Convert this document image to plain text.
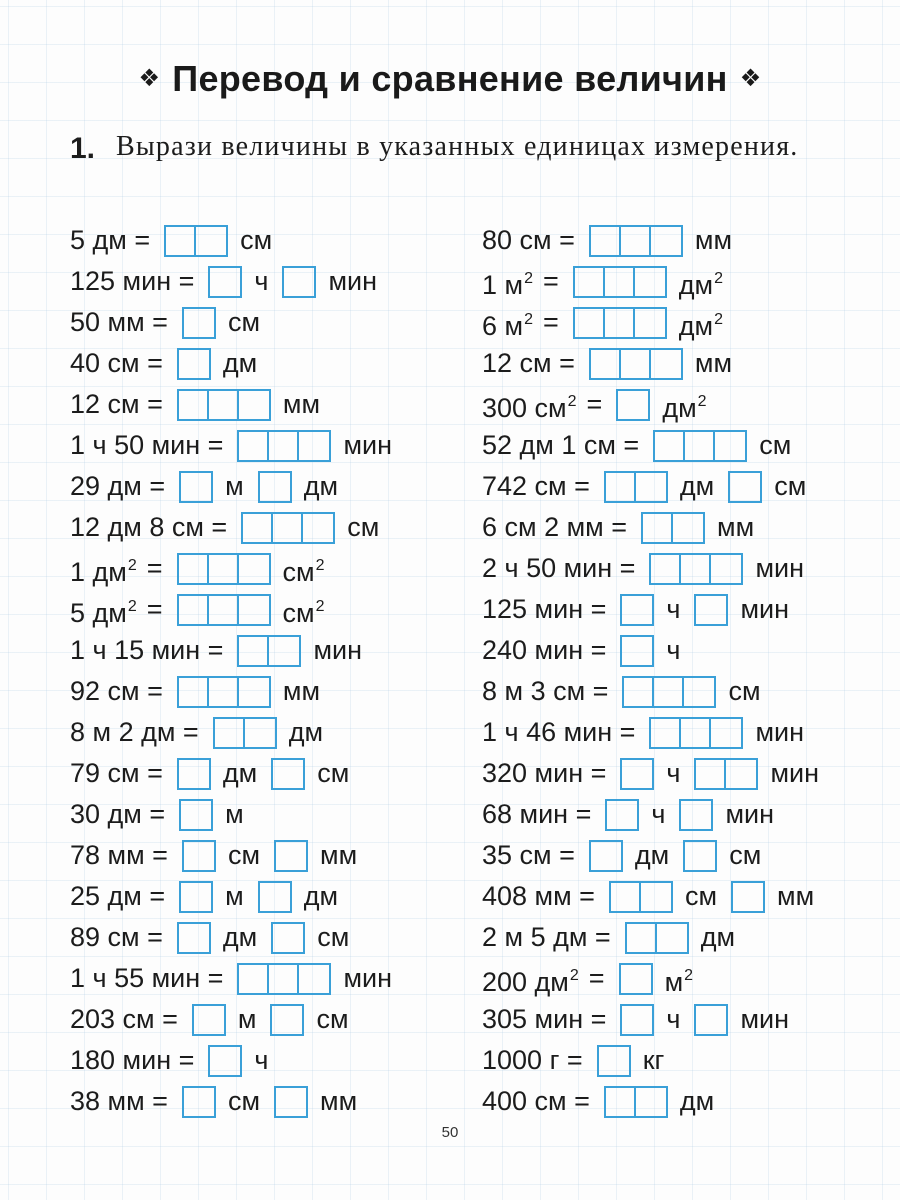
❖ Перевод и сравнение величин ❖
1. Вырази величины в указанных единицах измерения.
5 дм =	см
125 мин = ч мин
50 мм = см
40 см = дм
12 см =	мм
1 ч 50 мин =	мин
29 дм = м дм
12 дм 8 см =	см
1 $дм^2$ =	$см^2$
5 $дм^2$ =	$см^2$
1 ч 15 мин =	мин
92 см =	мм
8 м 2 дм =	дм
79 см = дм см
30 дм = м
78 мм = см мм
25 дм = м дм
89 см = дм см
1 ч 55 мин =	мин
203 см = м см
180 мин = ч
38 мм = см мм
80 см =	мм
1 $м^2$ =	$дм^2$
6 $м^2$ =	$дм^2$
12 см =	мм
300 $см^2 = дм^2$
52 дм 1 см =	см
742 см =	дм см
6 см 2 мм =	мм
2 ч 50 мин =	мин
125 мин = ч мин
240 мин = ч
8 м 3 см =	см
1 ч 46 мин =	мин
320 мин = ч	мин
68 мин = ч мин
35 см = дм см
408 мм =	см мм
2 м 5 дм =	дм
200 $дм^2 = м^2$
305 мин = ч мин
1000 г = кг
400 см =	дм
50
